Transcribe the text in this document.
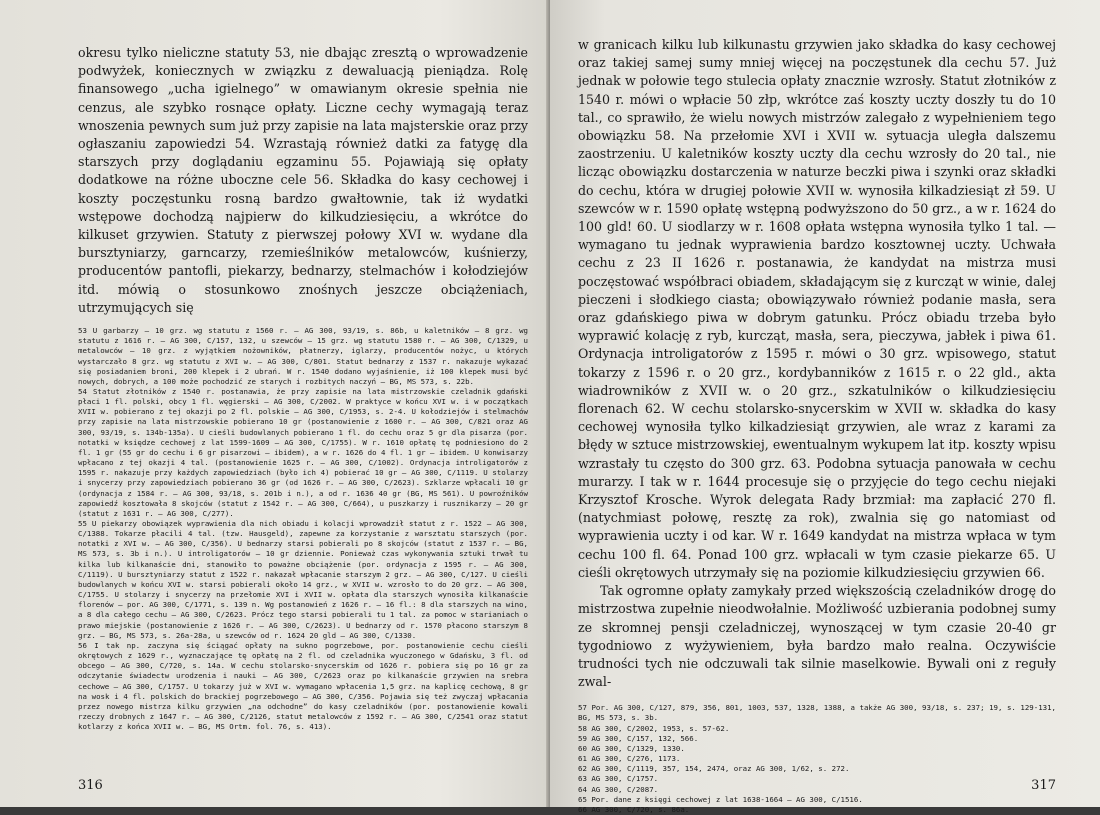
okresu tylko nieliczne statuty 53, nie dbając zresztą o wprowadzenie podwyżek, koniecznych w związku z dewaluacją pieniądza. Rolę finansowego „ucha igielnego” w omawianym okresie spełnia nie cenzus, ale szybko rosnące opłaty. Liczne cechy wymagają teraz wnoszenia pewnych sum już przy zapisie na lata majsterskie oraz przy ogłaszaniu zapowiedzi 54. Wzrastają również datki za fatygę dla starszych przy doglądaniu egzaminu 55. Pojawiają się opłaty dodatkowe na różne uboczne cele 56. Składka do kasy cechowej i koszty poczęstunku rosną bardzo gwałtownie, tak iż wydatki wstępowe dochodzą najpierw do kilkudziesięciu, a wkrótce do kilkuset grzywien. Statuty z pierwszej połowy XVI w. wydane dla bursztyniarzy, garncarzy, rzemieślników metalowców, kuśnierzy, producentów pantofli, piekarzy, bednarzy, stelmachów i kołodziejów itd. mówią o stosunkowo znośnych jeszcze obciążeniach, utrzymujących się

53 U garbarzy — 10 grz. wg statutu z 1560 r. — AG 300, 93/19, s. 86b, u kaletników — 8 grz. wg statutu z 1616 r. — AG 300, C/157, 132, u szewców — 15 grz. wg statutu 1580 r. — AG 300, C/1329, u metalowców — 10 grz. z wyjątkiem nożowników, płatnerzy, iglarzy, producentów nożyc, u których wystarczało 8 grz. wg statutu z XVI w. — AG 300, C/801. Statut bednarzy z 1537 r. nakazuje wykazać się posiadaniem broni, 200 klepek i 2 ubrań. W r. 1540 dodano wyjaśnienie, iż 100 klepek musi być nowych, dobrych, a 100 może pochodzić ze starych i rozbitych naczyń — BG, MS 573, s. 22b.

54 Statut złotników z 1540 r. postanawia, że przy zapisie na lata mistrzowskie czeladnik gdański płaci 1 fl. polski, obcy 1 fl. węgierski — AG 300, C/2002. W praktyce w końcu XVI w. i w początkach XVII w. pobierano z tej okazji po 2 fl. polskie — AG 300, C/1953, s. 2-4. U kołodziejów i stelmachów przy zapisie na lata mistrzowskie pobierano 10 gr (postanowienie z 1600 r. — AG 300, C/821 oraz AG 300, 93/19, s. 134b-135a). U cieśli budowlanych pobierano 1 fl. do cechu oraz 5 gr dla pisarza (por. notatki w księdze cechowej z lat 1599-1609 — AG 300, C/1755). W r. 1610 opłatę tę podniesiono do 2 fl. 1 gr (55 gr do cechu i 6 gr pisarzowi — ibidem), a w r. 1626 do 4 fl. 1 gr — ibidem. U konwisarzy wpłacano z tej okazji 4 tal. (postanowienie 1625 r. — AG 300, C/1002). Ordynacja introligatorów z 1595 r. nakazuje przy każdych zapowiedziach (było ich 4) pobierać 10 gr — AG 300, C/1119. U stolarzy i snycerzy przy zapowiedziach pobierano 36 gr (od 1626 r. — AG 300, C/2623). Szklarze wpłacali 10 gr (ordynacja z 1584 r. — AG 300, 93/18, s. 201b i n.), a od r. 1636 40 gr (BG, MS 561). U powroźników zapowiedź kosztowała 8 skojców (statut z 1542 r. — AG 300, C/664), u puszkarzy i rusznikarzy — 20 gr (statut z 1631 r. — AG 300, C/277).

55 U piekarzy obowiązek wyprawienia dla nich obiadu i kolacji wprowadził statut z r. 1522 — AG 300, C/1388. Tokarze płacili 4 tal. (tzw. Hausgeld), zapewne za korzystanie z warsztatu starszych (por. notatki z XVI w. — AG 300, C/356). U bednarzy starsi pobierali po 8 skojców (statut z 1537 r. — BG, MS 573, s. 3b i n.). U introligatorów — 10 gr dziennie. Ponieważ czas wykonywania sztuki trwał tu kilka lub kilkanaście dni, stanowiło to poważne obciążenie (por. ordynacja z 1595 r. — AG 300, C/1119). U bursztyniarzy statut z 1522 r. nakazał wpłacanie starszym 2 grz. — AG 300, C/127. U cieśli budowlanych w końcu XVI w. starsi pobierali około 14 grz., w XVII w. wzrosło to do 20 grz. — AG 300, C/1755. U stolarzy i snycerzy na przełomie XVI i XVII w. opłata dla starszych wynosiła kilkanaście florenów — por. AG 300, C/1771, s. 139 n. Wg postanowień z 1626 r. — 16 fl.: 8 dla starszych na wino, a 8 dla całego cechu — AG 300, C/2623. Prócz tego starsi pobierali tu 1 tal. za pomoc w starianiach o prawo miejskie (postanowienie z 1626 r. — AG 300, C/2623). U bednarzy od r. 1570 płacono starszym 8 grz. — BG, MS 573, s. 26a-28a, u szewców od r. 1624 20 gld — AG 300, C/1330.

56 I tak np. zaczyna się ściągać opłaty na sukno pogrzebowe, por. postanowienie cechu cieśli okrętowych z 1629 r., wyznaczające tę opłatę na 2 fl. od czeladnika wyuczonego w Gdańsku, 3 fl. od obcego — AG 300, C/720, s. 14a. W cechu stolarsko-snycerskim od 1626 r. pobiera się po 16 gr za odczytanie świadectw urodzenia i nauki — AG 300, C/2623 oraz po kilkanaście grzywien na srebra cechowe — AG 300, C/1757. U tokarzy już w XVI w. wymagano wpłacenia 1,5 grz. na kaplicę cechową, 8 gr na wosk i 4 fl. polskich do brackiej pogrzebowego — AG 300, C/356. Pojawia się też zwyczaj wpłacania przez nowego mistrza kilku grzywien „na odchodne” do kasy czeladników (por. postanowienie kowali rzeczy drobnych z 1647 r. — AG 300, C/2126, statut metalowców z 1592 r. — AG 300, C/2541 oraz statut kotlarzy z końca XVII w. — BG, MS Ortm. fol. 76, s. 413).

316

w granicach kilku lub kilkunastu grzywien jako składka do kasy cechowej oraz takiej samej sumy mniej więcej na poczęstunek dla cechu 57. Już jednak w połowie tego stulecia opłaty znacznie wzrosły. Statut złotników z 1540 r. mówi o wpłacie 50 złp, wkrótce zaś koszty uczty doszły tu do 10 tal., co sprawiło, że wielu nowych mistrzów zalegało z wypełnieniem tego obowiązku 58. Na przełomie XVI i XVII w. sytuacja uległa dalszemu zaostrzeniu. U kaletników koszty uczty dla cechu wzrosły do 20 tal., nie licząc obowiązku dostarczenia w naturze beczki piwa i szynki oraz składki do cechu, która w drugiej połowie XVII w. wynosiła kilkadziesiąt zł 59. U szewców w r. 1590 opłatę wstępną podwyższono do 50 grz., a w r. 1624 do 100 gld! 60. U siodlarzy w r. 1608 opłata wstępna wynosiła tylko 1 tal. — wymagano tu jednak wyprawienia bardzo kosztownej uczty. Uchwała cechu z 23 II 1626 r. postanawia, że kandydat na mistrza musi poczęstować współbraci obiadem, składającym się z kurcząt w winie, dalej pieczeni i słodkiego ciasta; obowiązywało również podanie masła, sera oraz gdańskiego piwa w dobrym gatunku. Prócz obiadu trzeba było wyprawić kolację z ryb, kurcząt, masła, sera, pieczywa, jabłek i piwa 61. Ordynacja introligatorów z 1595 r. mówi o 30 grz. wpisowego, statut tokarzy z 1596 r. o 20 grz., kordybanników z 1615 r. o 22 gld., akta wiadrowników z XVII w. o 20 grz., szkatulników o kilkudziesięciu florenach 62. W cechu stolarsko-snycerskim w XVII w. składka do kasy cechowej wynosiła tylko kilkadziesiąt grzywien, ale wraz z karami za błędy w sztuce mistrzowskiej, ewentualnym wykupem lat itp. koszty wpisu wzrastały tu często do 300 grz. 63. Podobna sytuacja panowała w cechu murarzy. I tak w r. 1644 procesuje się o przyjęcie do tego cechu niejaki Krzysztof Krosche. Wyrok delegata Rady brzmiał: ma zapłacić 270 fl. (natychmiast połowę, resztę za rok), zwalnia się go natomiast od wyprawienia uczty i od kar. W r. 1649 kandydat na mistrza wpłaca w tym cechu 100 fl. 64. Ponad 100 grz. wpłacali w tym czasie piekarze 65. U cieśli okrętowych utrzymały się na poziomie kilkudziesięciu grzywien 66.

Tak ogromne opłaty zamykały przed większością czeladników drogę do mistrzostwa zupełnie nieodwołalnie. Możliwość uzbierania podobnej sumy ze skromnej pensji czeladniczej, wynoszącej w tym czasie 20-40 gr tygodniowo z wyżywieniem, była bardzo mało realna. Oczywiście trudności tych nie odczuwali tak silnie maselkowie. Bywali oni z reguły zwal-

57 Por. AG 300, C/127, 879, 356, 801, 1003, 537, 1328, 1388, a także AG 300, 93/18, s. 237; 19, s. 129-131, BG, MS 573, s. 3b.

58 AG 300, C/2002, 1953, s. 57-62.

59 AG 300, C/157, 132, 566.

60 AG 300, C/1329, 1330.

61 AG 300, C/276, 1173.

62 AG 300, C/1119, 357, 154, 2474, oraz AG 300, 1/62, s. 272.

63 AG 300, C/1757.

64 AG 300, C/2087.

65 Por. dane z księgi cechowej z lat 1638-1664 — AG 300, C/1516.

66 AG 300, C/720, s. 86a.

317
